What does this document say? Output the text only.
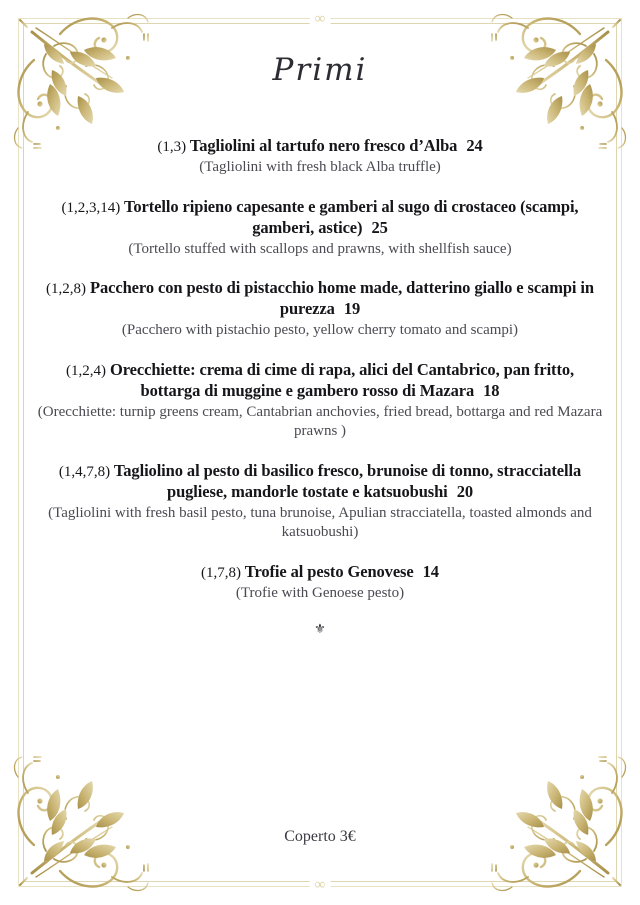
∞
∞
Primi

(1,3) Tagliolini al tartufo nero fresco d’Alba 24

(Tagliolini with fresh black Alba truffle)

(1,2,3,14) Tortello ripieno capesante e gamberi al sugo di crostaceo (scampi, gamberi, astice) 25

(Tortello stuffed with scallops and prawns, with shellfish sauce)

(1,2,8) Pacchero con pesto di pistacchio home made, datterino giallo e scampi in purezza 19

(Pacchero with pistachio pesto, yellow cherry tomato and scampi)

(1,2,4) Orecchiette: crema di cime di rapa, alici del Cantabrico, pan fritto, bottarga di muggine e gambero rosso di Mazara 18

(Orecchiette: turnip greens cream, Cantabrian anchovies, fried bread, bottarga and red Mazara prawns )

(1,4,7,8) Tagliolino al pesto di basilico fresco, brunoise di tonno, stracciatella pugliese, mandorle tostate e katsuobushi 20

(Tagliolini with fresh basil pesto, tuna brunoise, Apulian stracciatella, toasted almonds and katsuobushi)

(1,7,8) Trofie al pesto Genovese 14

(Trofie with Genoese pesto)

⚜

Coperto 3€
